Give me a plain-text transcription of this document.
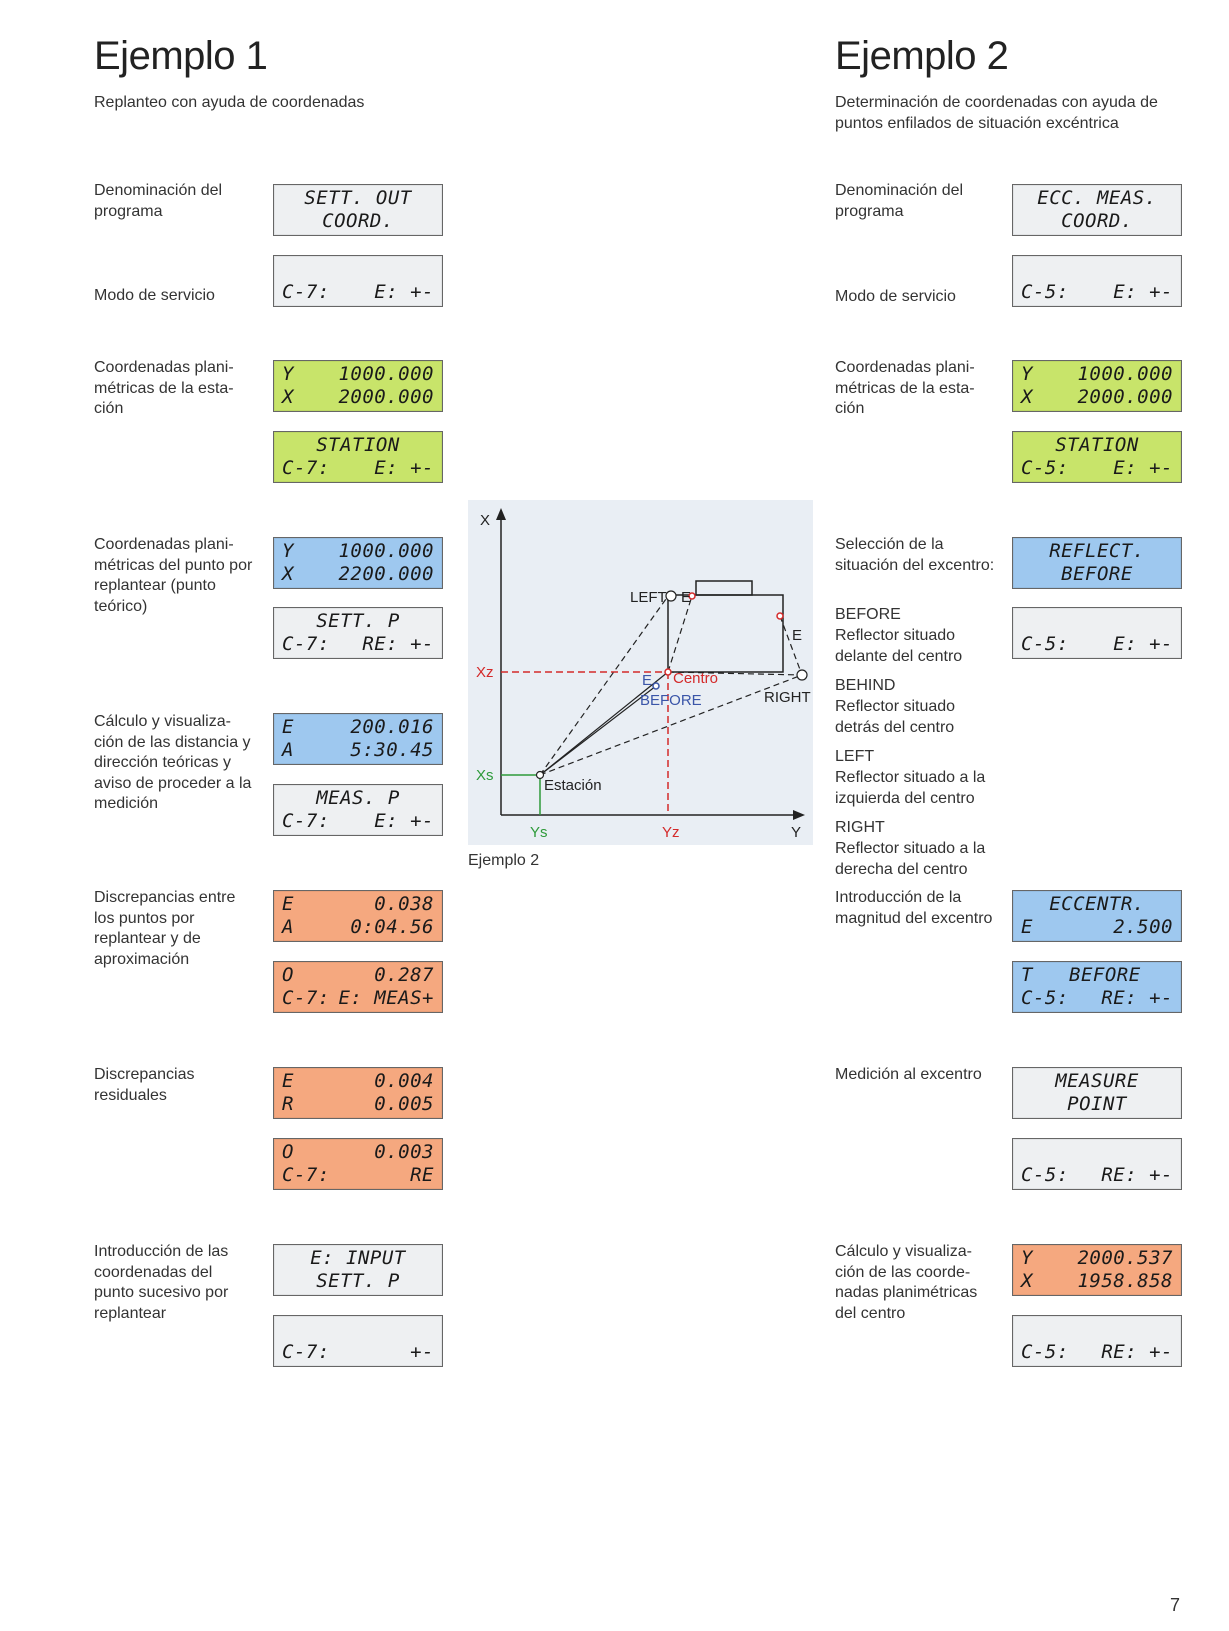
Ejemplo 1
Replanteo con ayuda de coordenadas
Ejemplo 2
Determinación de coordenadas con ayuda de puntos enfilados de situación excéntrica
Denominación del programa
Modo de servicio
Coordenadas plani-métricas de la esta-ción
Coordenadas plani-métricas del punto por replantear (punto teórico)
Cálculo y visualiza-ción de las distancia y dirección teóricas y aviso de proceder a la medición
Discrepancias entre los puntos por replantear y de aproximación
Discrepancias residuales
Introducción de las coordenadas del punto sucesivo por replantear
SETT. OUT
COORD.
C-7: E: +-
Y 1000.000
X 2000.000
STATION
C-7: E: +-
Y 1000.000
X 2200.000
SETT. P
C-7: RE: +-
E	200.016
A	5:30.45
MEAS. P
C-7: E: +-
E	0.038
A	0:04.56
O	0.287
C-7: E: MEAS+
E	0.004
R	0.005
O	0.003
C-7:	RE
E: INPUT
SETT. P
C-7:	+-
Denominación del programa
Modo de servicio
Coordenadas plani-métricas de la esta-ción
Selección de la situación del excentro:
BEFORE
Reflector situado delante del centro
BEHIND
Reflector situado detrás del centro
LEFT
Reflector situado a la izquierda del centro
RIGHT
Reflector situado a la derecha del centro
Introducción de la magnitud del excentro
Medición al excentro
Cálculo y visualiza-ción de las coorde-nadas planimétricas del centro
ECC. MEAS.
COORD.
C-5: E: +-
Y 1000.000
X 2000.000
STATION
C-5: E: +-
REFLECT.
BEFORE
C-5: E: +-
ECCENTR.
E	2.500
T BEFORE
C-5: RE: +-
MEASURE
POINT
C-5: RE: +-
Y 2000.537
X 1958.858
C-5: RE: +-
X
Y
Xs
Ys
Xz
Yz
LEFT E
E
E Centro
BEFORE	RIGHT
Estación
Ejemplo 2
7
